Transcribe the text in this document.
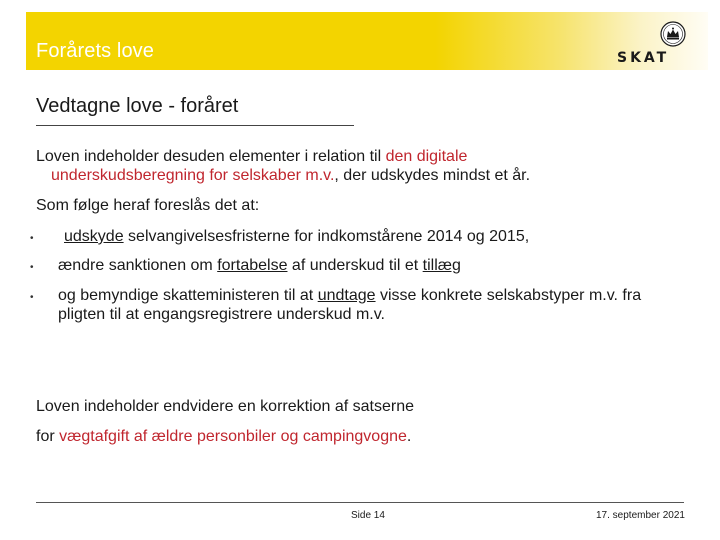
Forårets love	SKAT
Vedtagne love - foråret
Loven indeholder desuden elementer i relation til den digitale
underskudsberegning for selskaber m.v., der udskydes mindst et år.
Som følge heraf foreslås det at:
• udskyde selvangivelsesfristerne for indkomstårene 2014 og 2015,
• ændre sanktionen om fortabelse af underskud til et tillæg
• og bemyndige skatteministeren til at undtage visse konkrete selskabstyper m.v. fra pligten til at engangsregistrere underskud m.v.
Loven indeholder endvidere en korrektion af satserne
for vægtafgift af ældre personbiler og campingvogne.
Side 14	17. september 2021
